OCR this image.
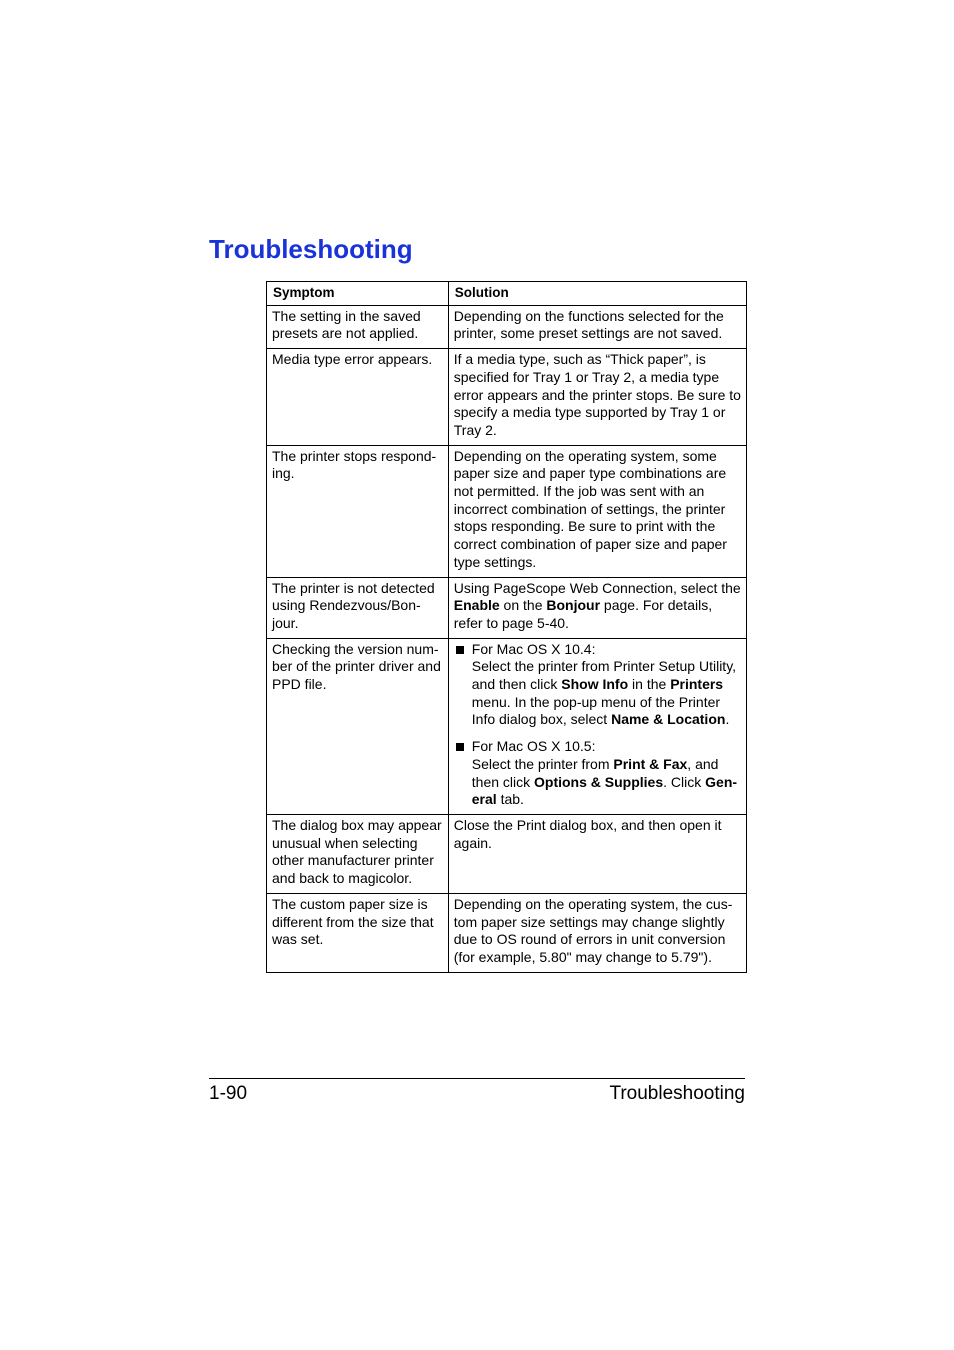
Troubleshooting
Symptom	Solution
The setting in the saved presets are not applied.	Depending on the functions selected for the printer, some preset settings are not saved.
Media type error appears.	If a media type, such as “Thick paper”, is specified for Tray 1 or Tray 2, a media type error appears and the printer stops. Be sure to specify a media type supported by Tray 1 or Tray 2.
The printer stops respond-ing.	Depending on the operating system, some paper size and paper type combinations are not permitted. If the job was sent with an incorrect combination of settings, the printer stops responding. Be sure to print with the correct combination of paper size and paper type settings.
The printer is not detected using Rendezvous/Bon-jour.	Using PageScope Web Connection, select the Enable on the Bonjour page. For details, refer to page 5-40.
Checking the version num-ber of the printer driver and PPD file.	For Mac OS X 10.4:
Select the printer from Printer Setup Utility, and then click Show Info in the Printers menu. In the pop-up menu of the Printer Info dialog box, select Name & Location.
For Mac OS X 10.5:
Select the printer from Print & Fax, and then click Options & Supplies. Click Gen-eral tab.

The dialog box may appear unusual when selecting other manufacturer printer and back to magicolor.	Close the Print dialog box, and then open it again.
The custom paper size is different from the size that was set.	Depending on the operating system, the cus-tom paper size settings may change slightly due to OS round of errors in unit conversion (for example, 5.80" may change to 5.79").
1-90	Troubleshooting
